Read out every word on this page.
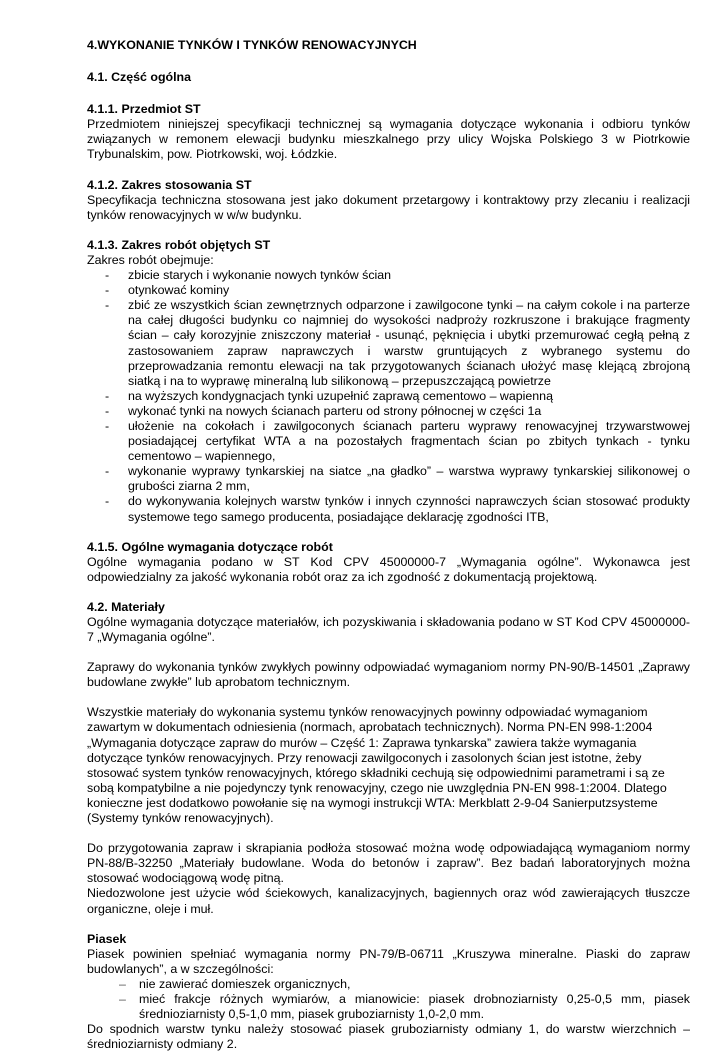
4.WYKONANIE TYNKÓW I TYNKÓW RENOWACYJNYCH

4.1. Część ogólna

4.1.1. Przedmiot ST

Przedmiotem niniejszej specyfikacji technicznej są wymagania dotyczące wykonania i odbioru tynków związanych w remonem elewacji budynku mieszkalnego przy ulicy Wojska Polskiego 3 w Piotrkowie Trybunalskim, pow. Piotrkowski, woj. Łódzkie.

4.1.2. Zakres stosowania ST

Specyfikacja techniczna stosowana jest jako dokument przetargowy i kontraktowy przy zlecaniu i realizacji tynków renowacyjnych w w/w budynku.

4.1.3. Zakres robót objętych ST

Zakres robót obejmuje:

- zbicie starych i wykonanie nowych tynków ścian
- otynkować kominy
- zbić ze wszystkich ścian zewnętrznych odparzone i zawilgocone tynki – na całym cokole i na parterze na całej długości budynku co najmniej do wysokości nadproży rozkruszone i brakujące fragmenty ścian – cały korozyjnie zniszczony materiał - usunąć, pęknięcia i ubytki przemurować cegłą pełną z zastosowaniem zapraw naprawczych i warstw gruntujących z wybranego systemu do przeprowadzania remontu elewacji na tak przygotowanych ścianach ułożyć masę klejącą zbrojoną siatką i na to wyprawę mineralną lub silikonową – przepuszczającą powietrze
- na wyższych kondygnacjach tynki uzupełnić zaprawą cementowo – wapienną
- wykonać tynki na nowych ścianach parteru od strony północnej w części 1a
- ułożenie na cokołach i zawilgoconych ścianach parteru wyprawy renowacyjnej trzywarstwowej posiadającej certyfikat WTA a na pozostałych fragmentach ścian po zbitych tynkach - tynku cementowo – wapiennego,
- wykonanie wyprawy tynkarskiej na siatce „na gładko” – warstwa wyprawy tynkarskiej silikonowej o grubości ziarna 2 mm,
- do wykonywania kolejnych warstw tynków i innych czynności naprawczych ścian stosować produkty systemowe tego samego producenta, posiadające deklarację zgodności ITB,

4.1.5. Ogólne wymagania dotyczące robót

Ogólne wymagania podano w ST Kod CPV 45000000-7 „Wymagania ogólne”. Wykonawca jest odpowiedzialny za jakość wykonania robót oraz za ich zgodność z dokumentacją projektową.

4.2. Materiały

Ogólne wymagania dotyczące materiałów, ich pozyskiwania i składowania podano w ST Kod CPV 45000000-7 „Wymagania ogólne”.

Zaprawy do wykonania tynków zwykłych powinny odpowiadać wymaganiom normy PN-90/B-14501 „Zaprawy budowlane zwykłe” lub aprobatom technicznym.

Wszystkie materiały do wykonania systemu tynków renowacyjnych powinny odpowiadać wymaganiom zawartym w dokumentach odniesienia (normach, aprobatach technicznych). Norma PN-EN 998-1:2004 „Wymagania dotyczące zapraw do murów – Część 1: Zaprawa tynkarska” zawiera także wymagania dotyczące tynków renowacyjnych. Przy renowacji zawilgoconych i zasolonych ścian jest istotne, żeby stosować system tynków renowacyjnych, którego składniki cechują się odpowiednimi parametrami i są ze sobą kompatybilne a nie pojedynczy tynk renowacyjny, czego nie uwzględnia PN-EN 998-1:2004. Dlatego konieczne jest dodatkowo powołanie się na wymogi instrukcji WTA: Merkblatt 2-9-04 Sanierputzsysteme (Systemy tynków renowacyjnych).

Do przygotowania zapraw i skrapiania podłoża stosować można wodę odpowiadającą wymaganiom normy PN-88/B-32250 „Materiały budowlane. Woda do betonów i zapraw”. Bez badań laboratoryjnych można stosować wodociągową wodę pitną.

Niedozwolone jest użycie wód ściekowych, kanalizacyjnych, bagiennych oraz wód zawierających tłuszcze organiczne, oleje i muł.

Piasek

Piasek powinien spełniać wymagania normy PN-79/B-06711 „Kruszywa mineralne. Piaski do zapraw budowlanych”, a w szczególności:

– nie zawierać domieszek organicznych,
– mieć frakcje różnych wymiarów, a mianowicie: piasek drobnoziarnisty 0,25-0,5 mm, piasek średnioziarnisty 0,5-1,0 mm, piasek gruboziarnisty 1,0-2,0 mm.

Do spodnich warstw tynku należy stosować piasek gruboziarnisty odmiany 1, do warstw wierzchnich – średnioziarnisty odmiany 2.
